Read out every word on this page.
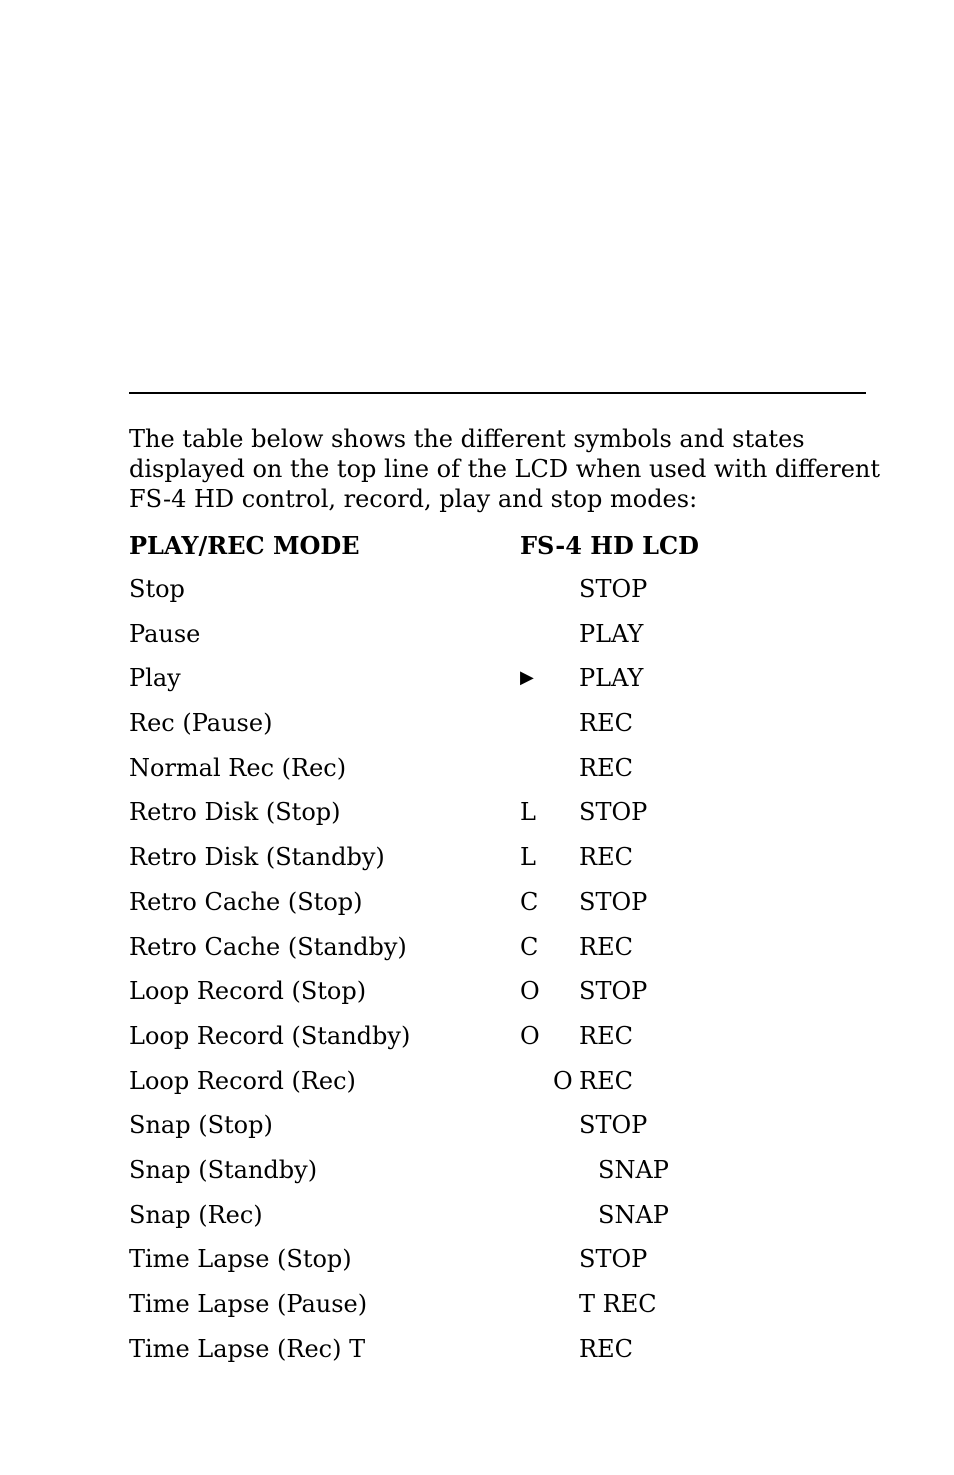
The table below shows the different symbols and states
displayed on the top line of the LCD when used with different
FS-4 HD control, record, play and stop modes:

PLAY/REC MODE	FS-4 HD LCD
Stop	STOP
Pause	PLAY
Play	▶ PLAY
Rec (Pause)	REC
Normal Rec (Rec)	REC
Retro Disk (Stop)	L STOP
Retro Disk (Standby)	L REC
Retro Cache (Stop)	C STOP
Retro Cache (Standby)	C REC
Loop Record (Stop)	O STOP
Loop Record (Standby)	O REC
Loop Record (Rec)	O REC
Snap (Stop)	STOP
Snap (Standby)	SNAP
Snap (Rec)	SNAP
Time Lapse (Stop)	STOP
Time Lapse (Pause)	T REC
Time Lapse (Rec) T	REC
